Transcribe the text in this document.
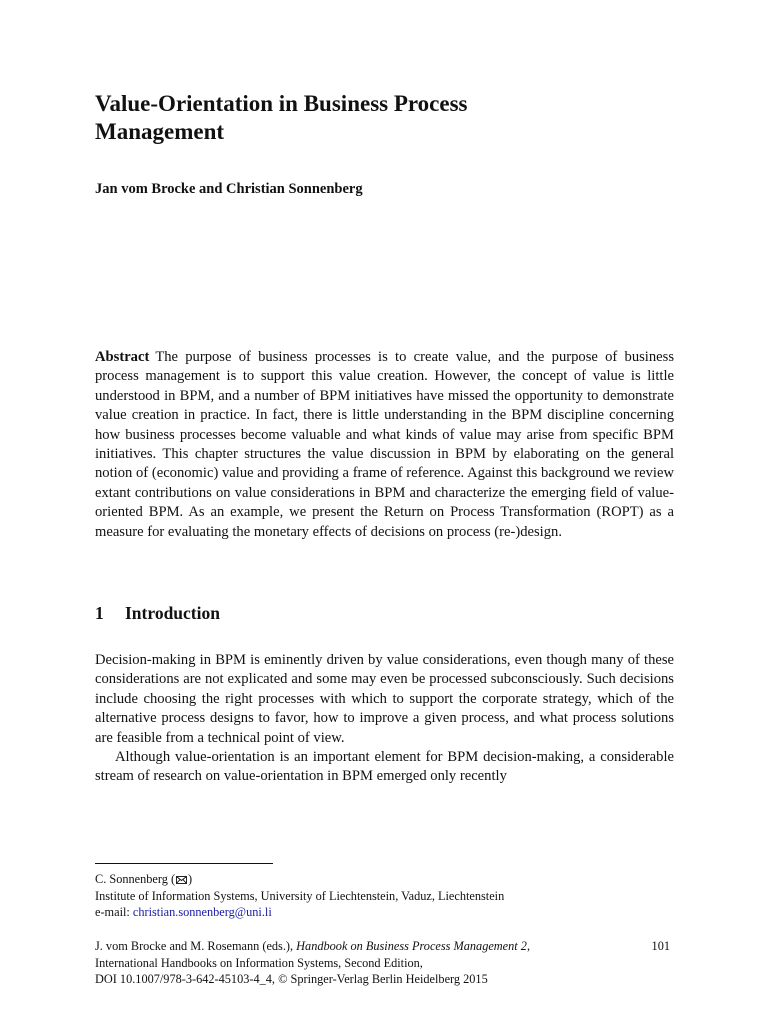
Value-Orientation in Business Process
Management

Jan vom Brocke and Christian Sonnenberg

Abstract The purpose of business processes is to create value, and the purpose of business process management is to support this value creation. However, the concept of value is little understood in BPM, and a number of BPM initiatives have missed the opportunity to demonstrate value creation in practice. In fact, there is little understanding in the BPM discipline concerning how business processes become valuable and what kinds of value may arise from specific BPM initiatives. This chapter structures the value discussion in BPM by elaborating on the general notion of (economic) value and providing a frame of reference. Against this background we review extant contributions on value considerations in BPM and characterize the emerging field of value-oriented BPM. As an example, we present the Return on Process Transformation (ROPT) as a measure for evaluating the monetary effects of decisions on process (re-)design.

1 Introduction

Decision-making in BPM is eminently driven by value considerations, even though many of these considerations are not explicated and some may even be processed subconsciously. Such decisions include choosing the right processes with which to support the corporate strategy, which of the alternative process designs to favor, how to improve a given process, and what process solutions are feasible from a technical point of view.

Although value-orientation is an important element for BPM decision-making, a considerable stream of research on value-orientation in BPM emerged only recently

C. Sonnenberg ( )
Institute of Information Systems, University of Liechtenstein, Vaduz, Liechtenstein
e-mail: christian.sonnenberg@uni.li
J. vom Brocke and M. Rosemann (eds.), Handbook on Business Process Management 2,
International Handbooks on Information Systems, Second Edition,
DOI 10.1007/978-3-642-45103-4_4, © Springer-Verlag Berlin Heidelberg 2015
101
